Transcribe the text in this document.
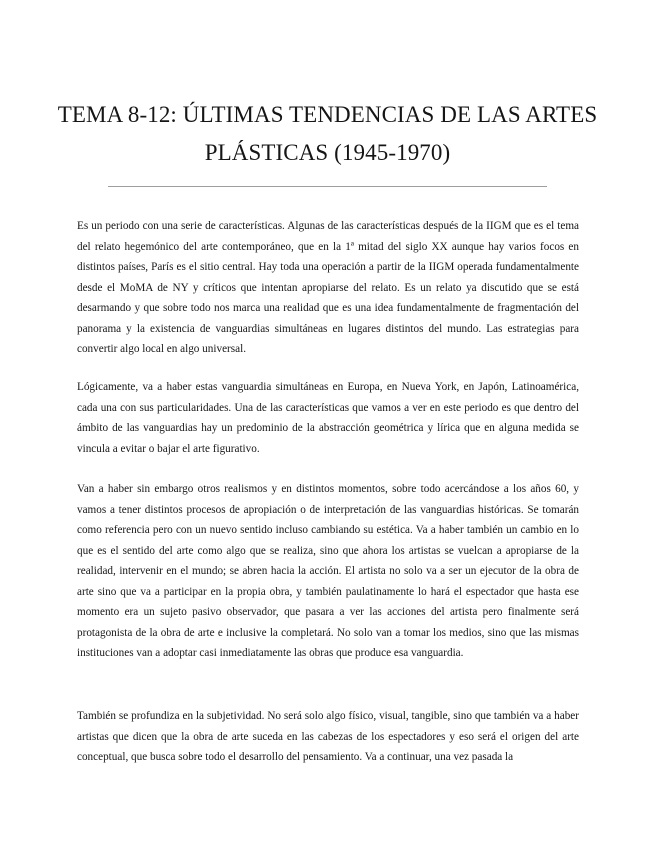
TEMA 8-12: ÚLTIMAS TENDENCIAS DE LAS ARTES
PLÁSTICAS (1945-1970)

Es un periodo con una serie de características. Algunas de las características después de la IIGM que es el tema del relato hegemónico del arte contemporáneo, que en la 1ª mitad del siglo XX aunque hay varios focos en distintos países, París es el sitio central. Hay toda una operación a partir de la IIGM operada fundamentalmente desde el MoMA de NY y críticos que intentan apropiarse del relato. Es un relato ya discutido que se está desarmando y que sobre todo nos marca una realidad que es una idea fundamentalmente de fragmentación del panorama y la existencia de vanguardias simultáneas en lugares distintos del mundo. Las estrategias para convertir algo local en algo universal.

Lógicamente, va a haber estas vanguardia simultáneas en Europa, en Nueva York, en Japón, Latinoamérica, cada una con sus particularidades. Una de las características que vamos a ver en este periodo es que dentro del ámbito de las vanguardias hay un predominio de la abstracción geométrica y lírica que en alguna medida se vincula a evitar o bajar el arte figurativo.

Van a haber sin embargo otros realismos y en distintos momentos, sobre todo acercándose a los años 60, y vamos a tener distintos procesos de apropiación o de interpretación de las vanguardias históricas. Se tomarán como referencia pero con un nuevo sentido incluso cambiando su estética. Va a haber también un cambio en lo que es el sentido del arte como algo que se realiza, sino que ahora los artistas se vuelcan a apropiarse de la realidad, intervenir en el mundo; se abren hacia la acción. El artista no solo va a ser un ejecutor de la obra de arte sino que va a participar en la propia obra, y también paulatinamente lo hará el espectador que hasta ese momento era un sujeto pasivo observador, que pasara a ver las acciones del artista pero finalmente será protagonista de la obra de arte e inclusive la completará. No solo van a tomar los medios, sino que las mismas instituciones van a adoptar casi inmediatamente las obras que produce esa vanguardia.

También se profundiza en la subjetividad. No será solo algo físico, visual, tangible, sino que también va a haber artistas que dicen que la obra de arte suceda en las cabezas de los espectadores y eso será el origen del arte conceptual, que busca sobre todo el desarrollo del pensamiento. Va a continuar, una vez pasada la
